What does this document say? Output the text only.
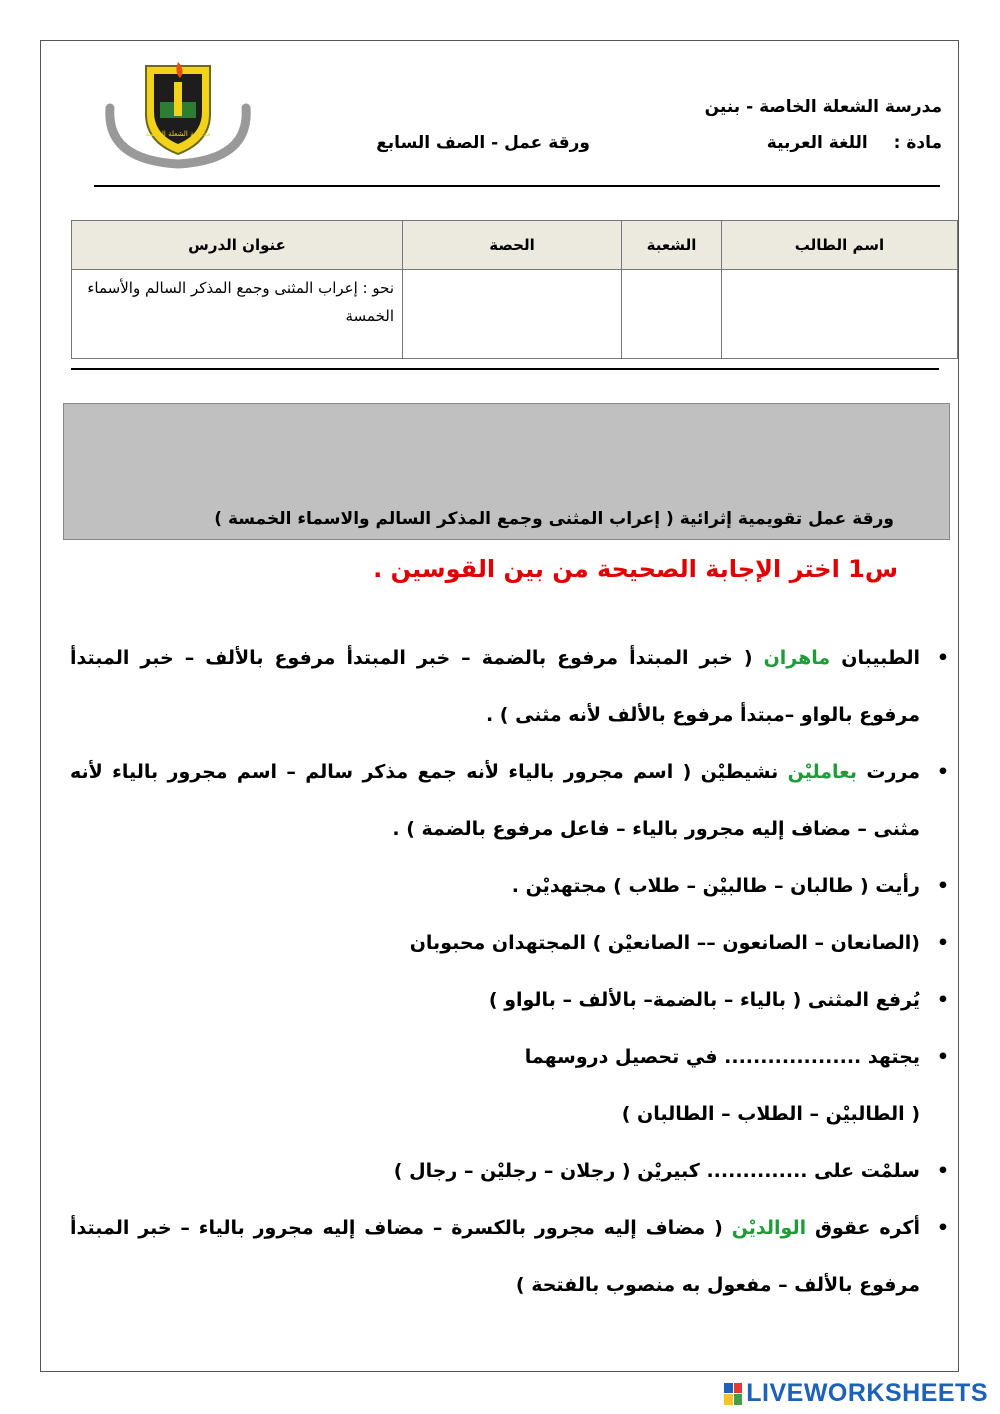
مدرسة الشعلة الخاصة
مدرسة الشعلة الخاصة - بنين
مادة :  اللغة العربية
ورقة عمل - الصف السابع
اسم الطالب	الشعبة	الحصة	عنوان الدرس
			نحو : إعراب المثنى وجمع المذكر السالم والأسماء الخمسة
ورقة عمل تقويمية إثرائية ( إعراب المثنى وجمع المذكر السالم والاسماء الخمسة )
س1 اختر الإجابة الصحيحة من بين القوسين .
• الطبيبان ماهران ( خبر المبتدأ مرفوع بالضمة – خبر المبتدأ مرفوع بالألف – خبر المبتدأ مرفوع بالواو –مبتدأ مرفوع بالألف لأنه مثنى ) .
• مررت بعامليْن نشيطيْن ( اسم مجرور بالياء لأنه جمع مذكر سالم – اسم مجرور بالياء لأنه مثنى – مضاف إليه مجرور بالياء – فاعل مرفوع بالضمة ) .
• رأيت ( طالبان – طالبيْن – طلاب ) مجتهديْن .
• (الصانعان – الصانعون –– الصانعيْن ) المجتهدان محبوبان
• يُرفع المثنى ( بالياء – بالضمة– بالألف – بالواو )
• يجتهد ................... في تحصيل دروسهما
( الطالبيْن – الطلاب – الطالبان )
• سلمْت على .............. كبيريْن ( رجلان – رجليْن – رجال )
• أكره عقوق الوالديْن ( مضاف إليه مجرور بالكسرة – مضاف إليه مجرور بالياء – خبر المبتدأ مرفوع بالألف – مفعول به منصوب بالفتحة )
LIVEWORKSHEETS
